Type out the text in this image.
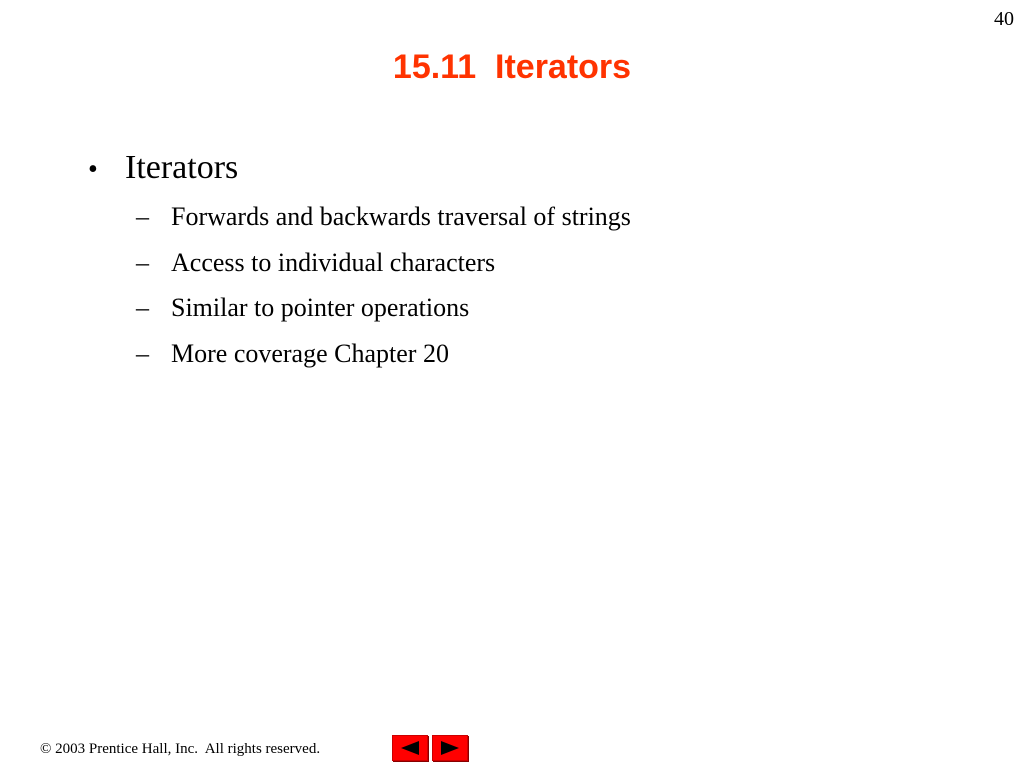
40
15.11  Iterators
• Iterators
– Forwards and backwards traversal of strings
– Access to individual characters
– Similar to pointer operations
– More coverage Chapter 20
© 2003 Prentice Hall, Inc.  All rights reserved.
